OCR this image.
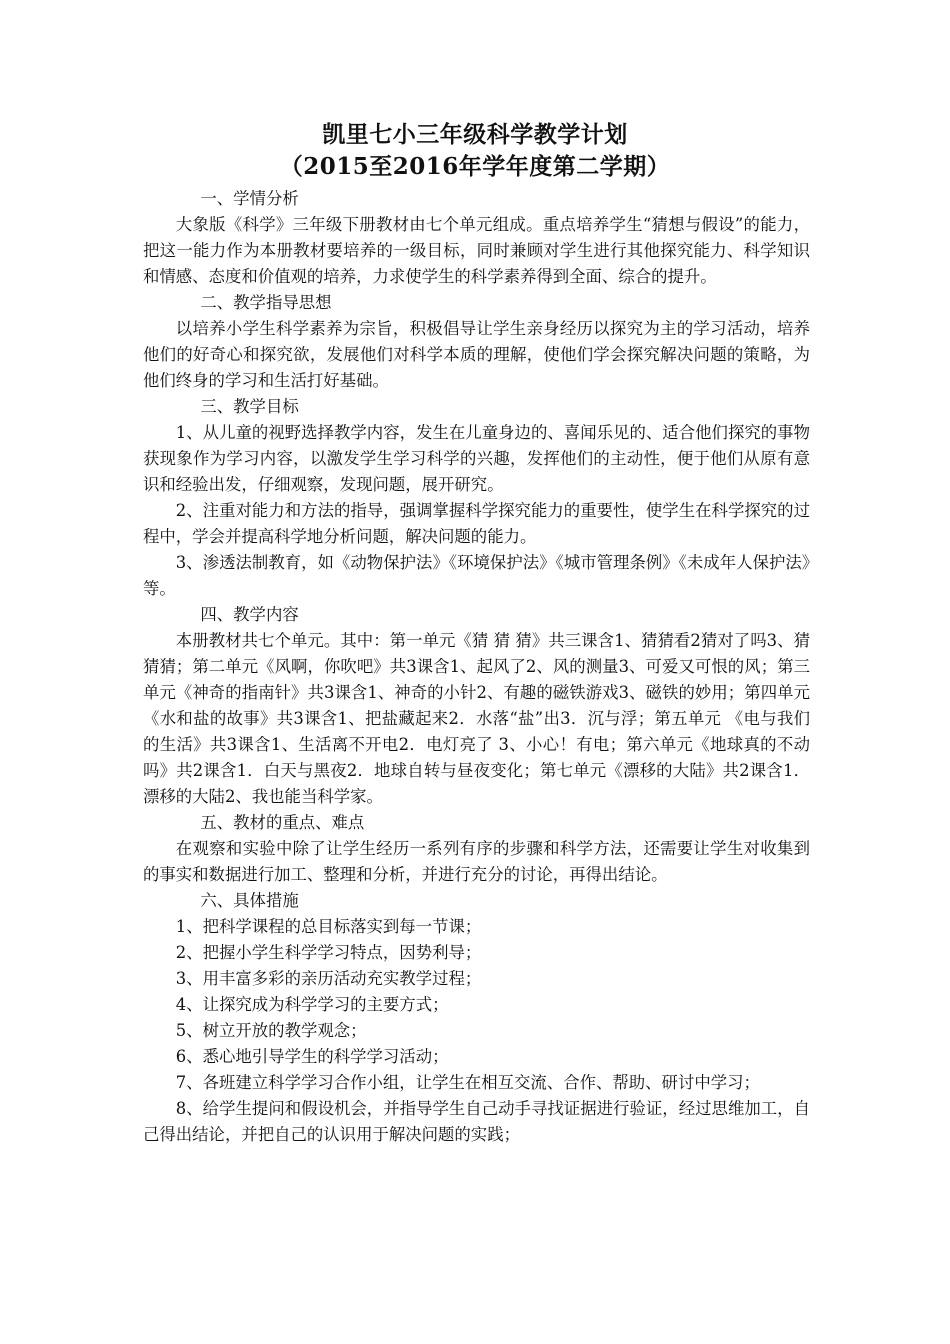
凯里七小三年级科学教学计划
（2015至2016年学年度第二学期）

一、学情分析

大象版《科学》三年级下册教材由七个单元组成。重点培养学生“猜想与假设”的能力，把这一能力作为本册教材要培养的一级目标，同时兼顾对学生进行其他探究能力、科学知识和情感、态度和价值观的培养，力求使学生的科学素养得到全面、综合的提升。

二、教学指导思想

以培养小学生科学素养为宗旨，积极倡导让学生亲身经历以探究为主的学习活动，培养他们的好奇心和探究欲，发展他们对科学本质的理解，使他们学会探究解决问题的策略，为他们终身的学习和生活打好基础。

三、教学目标

1、从儿童的视野选择教学内容，发生在儿童身边的、喜闻乐见的、适合他们探究的事物获现象作为学习内容，以激发学生学习科学的兴趣，发挥他们的主动性，便于他们从原有意识和经验出发，仔细观察，发现问题，展开研究。

2、注重对能力和方法的指导，强调掌握科学探究能力的重要性，使学生在科学探究的过程中，学会并提高科学地分析问题，解决问题的能力。

3、渗透法制教育，如《动物保护法》《环境保护法》《城市管理条例》《未成年人保护法》等。

四、教学内容

本册教材共七个单元。其中：第一单元《猜 猜 猜》共三课含1、猜猜看2猜对了吗3、猜猜猜；第二单元《风啊，你吹吧》共3课含1、起风了2、风的测量3、可爱又可恨的风；第三单元《神奇的指南针》共3课含1、神奇的小针2、有趣的磁铁游戏3、磁铁的妙用；第四单元《水和盐的故事》共3课含1、把盐藏起来2．水落“盐”出3．沉与浮；第五单元 《电与我们的生活》共3课含1、生活离不开电2．电灯亮了 3、小心！有电；第六单元《地球真的不动吗》共2课含1．白天与黑夜2．地球自转与昼夜变化；第七单元《漂移的大陆》共2课含1．漂移的大陆2、我也能当科学家。

五、教材的重点、难点

在观察和实验中除了让学生经历一系列有序的步骤和科学方法，还需要让学生对收集到的事实和数据进行加工、整理和分析，并进行充分的讨论，再得出结论。

六、具体措施

1、把科学课程的总目标落实到每一节课；

2、把握小学生科学学习特点，因势利导；

3、用丰富多彩的亲历活动充实教学过程；

4、让探究成为科学学习的主要方式；

5、树立开放的教学观念；

6、悉心地引导学生的科学学习活动；

7、各班建立科学学习合作小组，让学生在相互交流、合作、帮助、研讨中学习；

8、给学生提问和假设机会，并指导学生自己动手寻找证据进行验证，经过思维加工，自己得出结论，并把自己的认识用于解决问题的实践；
